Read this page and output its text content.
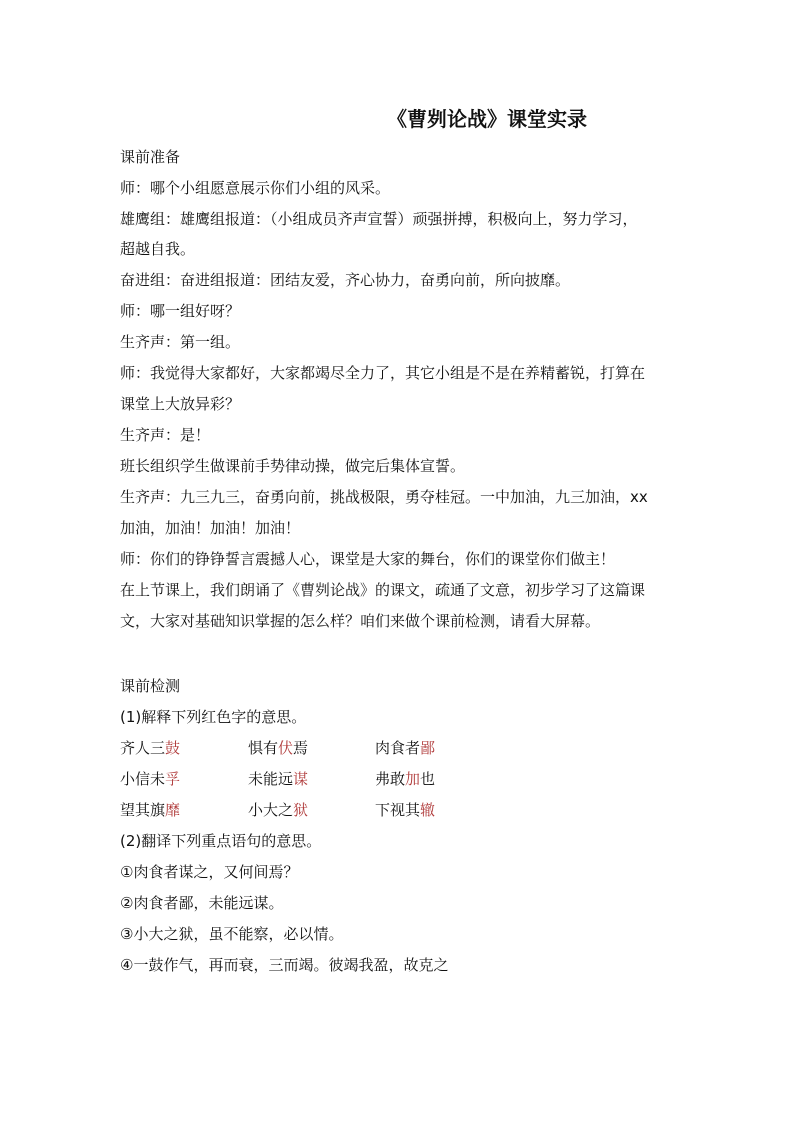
《曹刿论战》课堂实录
课前准备
师：哪个小组愿意展示你们小组的风采。
雄鹰组：雄鹰组报道：（小组成员齐声宣誓）顽强拼搏，积极向上，努力学习，
超越自我。
奋进组：奋进组报道：团结友爱，齐心协力，奋勇向前，所向披靡。
师：哪一组好呀？
生齐声：第一组。
师：我觉得大家都好，大家都竭尽全力了，其它小组是不是在养精蓄锐，打算在
课堂上大放异彩？
生齐声：是！
班长组织学生做课前手势律动操，做完后集体宣誓。
生齐声：九三九三，奋勇向前，挑战极限，勇夺桂冠。一中加油，九三加油，xx
加油，加油！加油！加油！
师：你们的铮铮誓言震撼人心，课堂是大家的舞台，你们的课堂你们做主！
在上节课上，我们朗诵了《曹刿论战》的课文，疏通了文意，初步学习了这篇课
文，大家对基础知识掌握的怎么样？咱们来做个课前检测，请看大屏幕。
课前检测
(1)解释下列红色字的意思。
齐人三鼓	惧有伏焉	肉食者鄙
小信未孚	未能远谋	弗敢加也
望其旗靡	小大之狱	下视其辙
(2)翻译下列重点语句的意思。
①肉食者谋之，又何间焉？
②肉食者鄙，未能远谋。
③小大之狱，虽不能察，必以情。
④一鼓作气，再而衰，三而竭。彼竭我盈，故克之
